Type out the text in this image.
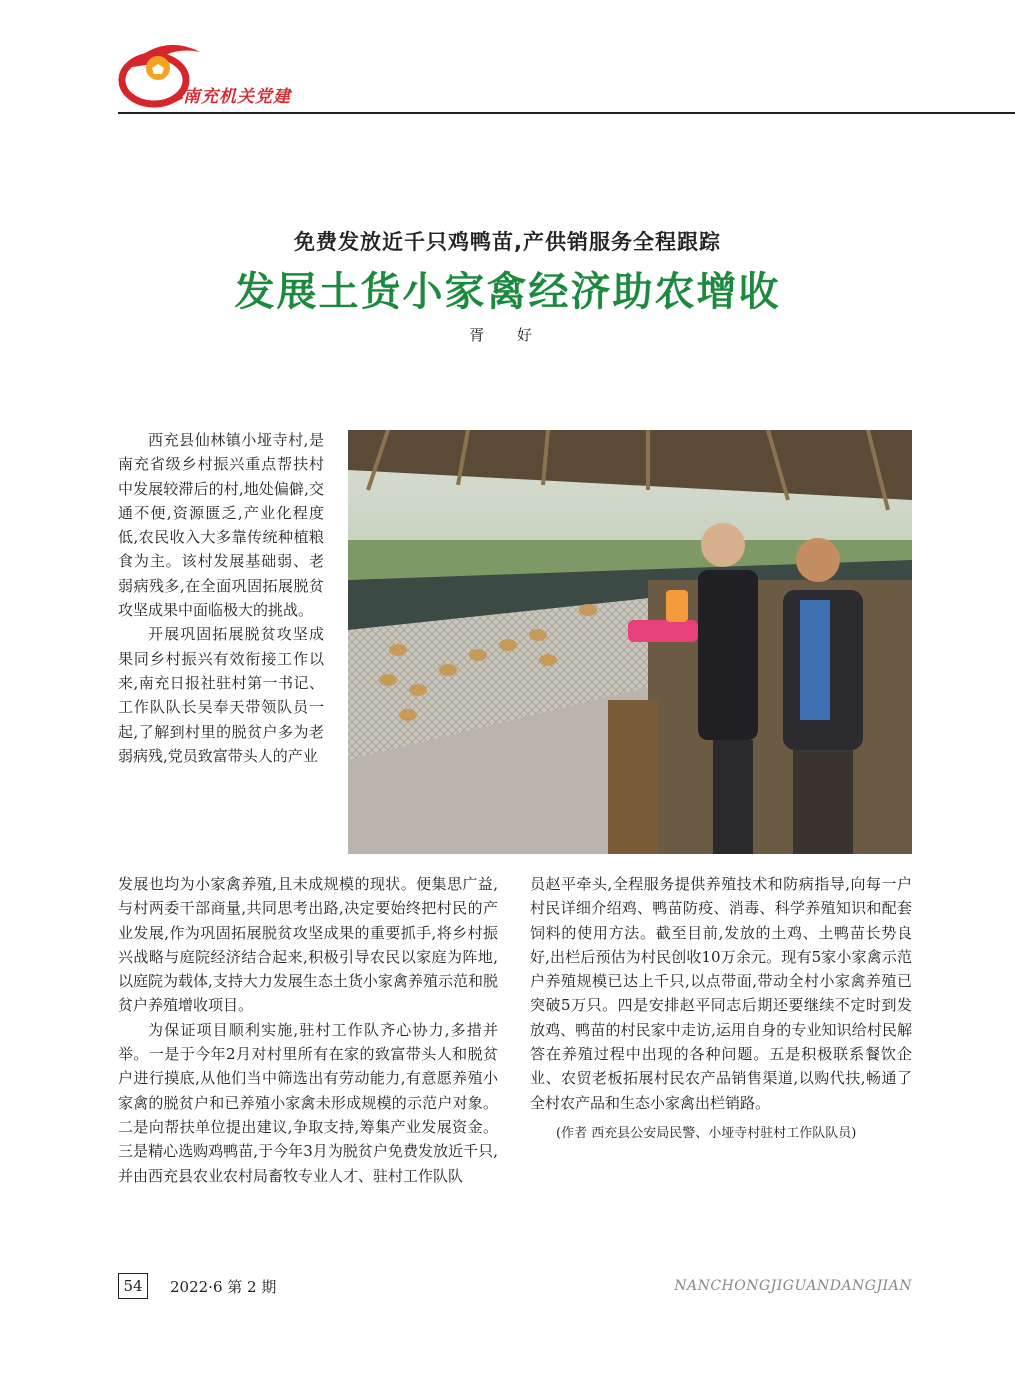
南充机关党建
免费发放近千只鸡鸭苗,产供销服务全程跟踪
发展土货小家禽经济助农增收
胥 好

西充县仙林镇小垭寺村,是南充省级乡村振兴重点帮扶村中发展较滞后的村,地处偏僻,交通不便,资源匮乏,产业化程度低,农民收入大多靠传统种植粮食为主。该村发展基础弱、老弱病残多,在全面巩固拓展脱贫攻坚成果中面临极大的挑战。

开展巩固拓展脱贫攻坚成果同乡村振兴有效衔接工作以来,南充日报社驻村第一书记、工作队队长吴奉天带领队员一起,了解到村里的脱贫户多为老弱病残,党员致富带头人的产业

发展也均为小家禽养殖,且未成规模的现状。便集思广益,与村两委干部商量,共同思考出路,决定要始终把村民的产业发展,作为巩固拓展脱贫攻坚成果的重要抓手,将乡村振兴战略与庭院经济结合起来,积极引导农民以家庭为阵地,以庭院为载体,支持大力发展生态土货小家禽养殖示范和脱贫户养殖增收项目。

为保证项目顺利实施,驻村工作队齐心协力,多措并举。一是于今年2月对村里所有在家的致富带头人和脱贫户进行摸底,从他们当中筛选出有劳动能力,有意愿养殖小家禽的脱贫户和已养殖小家禽未形成规模的示范户对象。二是向帮扶单位提出建议,争取支持,筹集产业发展资金。三是精心选购鸡鸭苗,于今年3月为脱贫户免费发放近千只,并由西充县农业农村局畜牧专业人才、驻村工作队队

员赵平牵头,全程服务提供养殖技术和防病指导,向每一户村民详细介绍鸡、鸭苗防疫、消毒、科学养殖知识和配套饲料的使用方法。截至目前,发放的土鸡、土鸭苗长势良好,出栏后预估为村民创收10万余元。现有5家小家禽示范户养殖规模已达上千只,以点带面,带动全村小家禽养殖已突破5万只。四是安排赵平同志后期还要继续不定时到发放鸡、鸭苗的村民家中走访,运用自身的专业知识给村民解答在养殖过程中出现的各种问题。五是积极联系餐饮企业、农贸老板拓展村民农产品销售渠道,以购代扶,畅通了全村农产品和生态小家禽出栏销路。

(作者 西充县公安局民警、小垭寺村驻村工作队队员)

54	2022·6 第 2 期	NANCHONGJIGUANDANGJIAN
